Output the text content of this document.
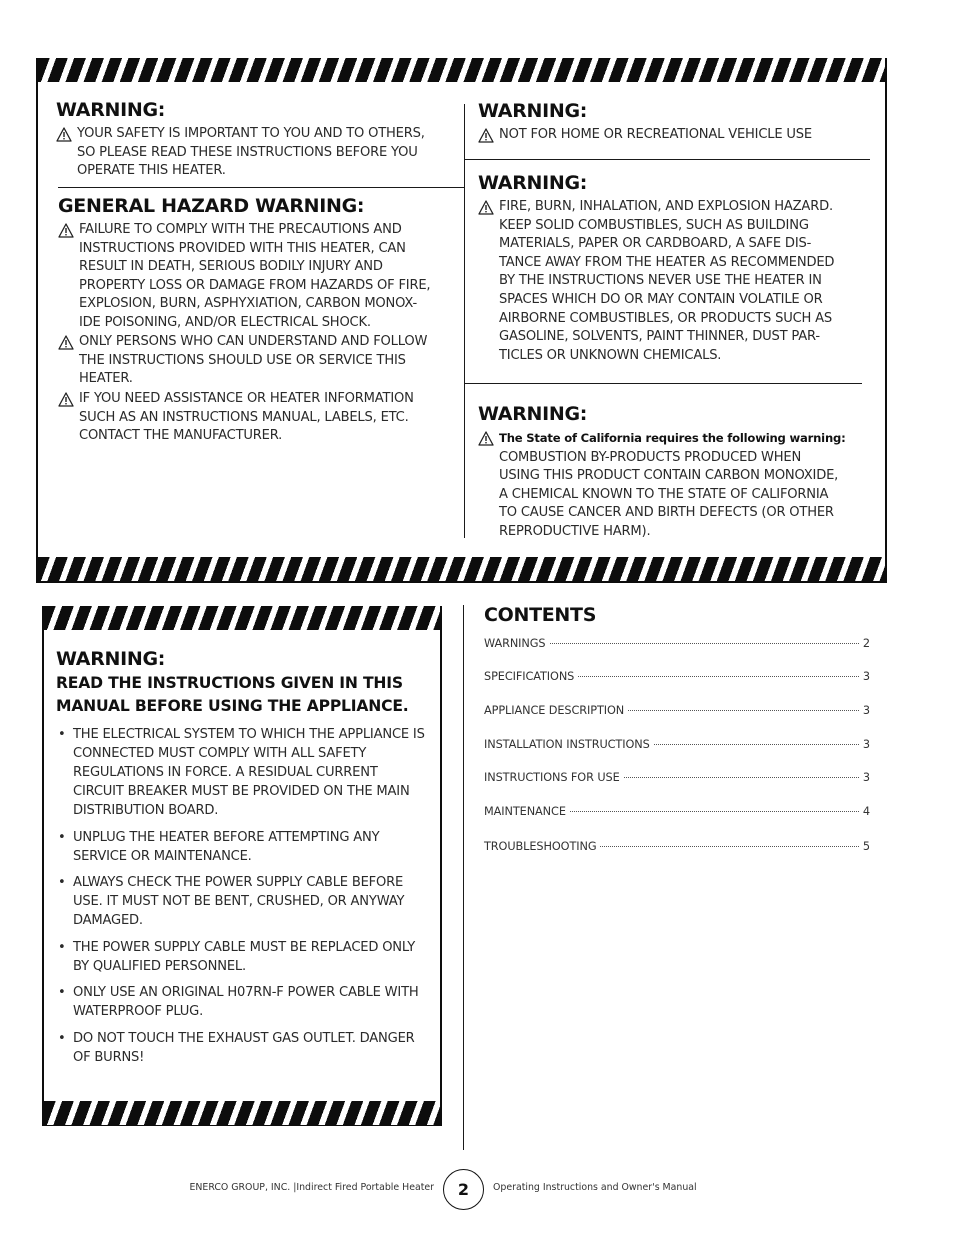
WARNING:
YOUR SAFETY IS IMPORTANT TO YOU AND TO OTHERS,
SO PLEASE READ THESE INSTRUCTIONS BEFORE YOU
OPERATE THIS HEATER.
GENERAL HAZARD WARNING:
FAILURE TO COMPLY WITH THE PRECAUTIONS AND
INSTRUCTIONS PROVIDED WITH THIS HEATER, CAN
RESULT IN DEATH, SERIOUS BODILY INJURY AND
PROPERTY LOSS OR DAMAGE FROM HAZARDS OF FIRE,
EXPLOSION, BURN, ASPHYXIATION, CARBON MONOX-
IDE POISONING, AND/OR ELECTRICAL SHOCK.
ONLY PERSONS WHO CAN UNDERSTAND AND FOLLOW
THE INSTRUCTIONS SHOULD USE OR SERVICE THIS
HEATER.
IF YOU NEED ASSISTANCE OR HEATER INFORMATION
SUCH AS AN INSTRUCTIONS MANUAL, LABELS, ETC.
CONTACT THE MANUFACTURER.
WARNING:
NOT FOR HOME OR RECREATIONAL VEHICLE USE
WARNING:
FIRE, BURN, INHALATION, AND EXPLOSION HAZARD.
KEEP SOLID COMBUSTIBLES, SUCH AS BUILDING
MATERIALS, PAPER OR CARDBOARD, A SAFE DIS-
TANCE AWAY FROM THE HEATER AS RECOMMENDED
BY THE INSTRUCTIONS NEVER USE THE HEATER IN
SPACES WHICH DO OR MAY CONTAIN VOLATILE OR
AIRBORNE COMBUSTIBLES, OR PRODUCTS SUCH AS
GASOLINE, SOLVENTS, PAINT THINNER, DUST PAR-
TICLES OR UNKNOWN CHEMICALS.
WARNING:
The State of California requires the following warning:
COMBUSTION BY-PRODUCTS PRODUCED WHEN
USING THIS PRODUCT CONTAIN CARBON MONOXIDE,
A CHEMICAL KNOWN TO THE STATE OF CALIFORNIA
TO CAUSE CANCER AND BIRTH DEFECTS (OR OTHER
REPRODUCTIVE HARM).
WARNING:
READ THE INSTRUCTIONS GIVEN IN THIS MANUAL BEFORE USING THE APPLIANCE.
• THE ELECTRICAL SYSTEM TO WHICH THE APPLIANCE IS CONNECTED MUST COMPLY WITH ALL SAFETY REGULATIONS IN FORCE. A RESIDUAL CURRENT CIRCUIT BREAKER MUST BE PROVIDED ON THE MAIN DISTRIBUTION BOARD.
• UNPLUG THE HEATER BEFORE ATTEMPTING ANY SERVICE OR MAINTENANCE.
• ALWAYS CHECK THE POWER SUPPLY CABLE BEFORE USE. IT MUST NOT BE BENT, CRUSHED, OR ANYWAY DAMAGED.
• THE POWER SUPPLY CABLE MUST BE REPLACED ONLY BY QUALIFIED PERSONNEL.
• ONLY USE AN ORIGINAL H07RN-F POWER CABLE WITH WATERPROOF PLUG.
• DO NOT TOUCH THE EXHAUST GAS OUTLET. DANGER OF BURNS!
CONTENTS
WARNINGS	2
SPECIFICATIONS	3
APPLIANCE DESCRIPTION	3
INSTALLATION INSTRUCTIONS	3
INSTRUCTIONS FOR USE	3
MAINTENANCE	4
TROUBLESHOOTING	5
ENERCO GROUP, INC. |Indirect Fired Portable Heater 2	Operating Instructions and Owner's Manual
